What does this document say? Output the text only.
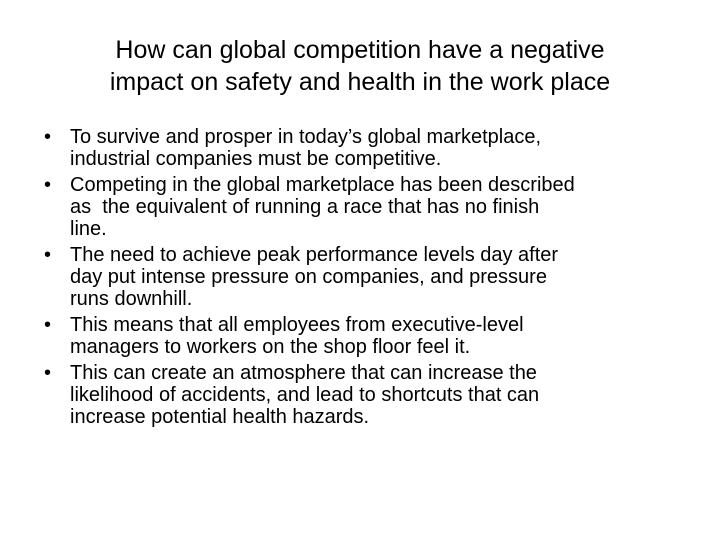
How can global competition have a negative
impact on safety and health in the work place
• To survive and prosper in today’s global marketplace,
industrial companies must be competitive.
• Competing in the global marketplace has been described
as  the equivalent of running a race that has no finish
line.
• The need to achieve peak performance levels day after
day put intense pressure on companies, and pressure
runs downhill.
• This means that all employees from executive-level
managers to workers on the shop floor feel it.
• This can create an atmosphere that can increase the
likelihood of accidents, and lead to shortcuts that can
increase potential health hazards.
